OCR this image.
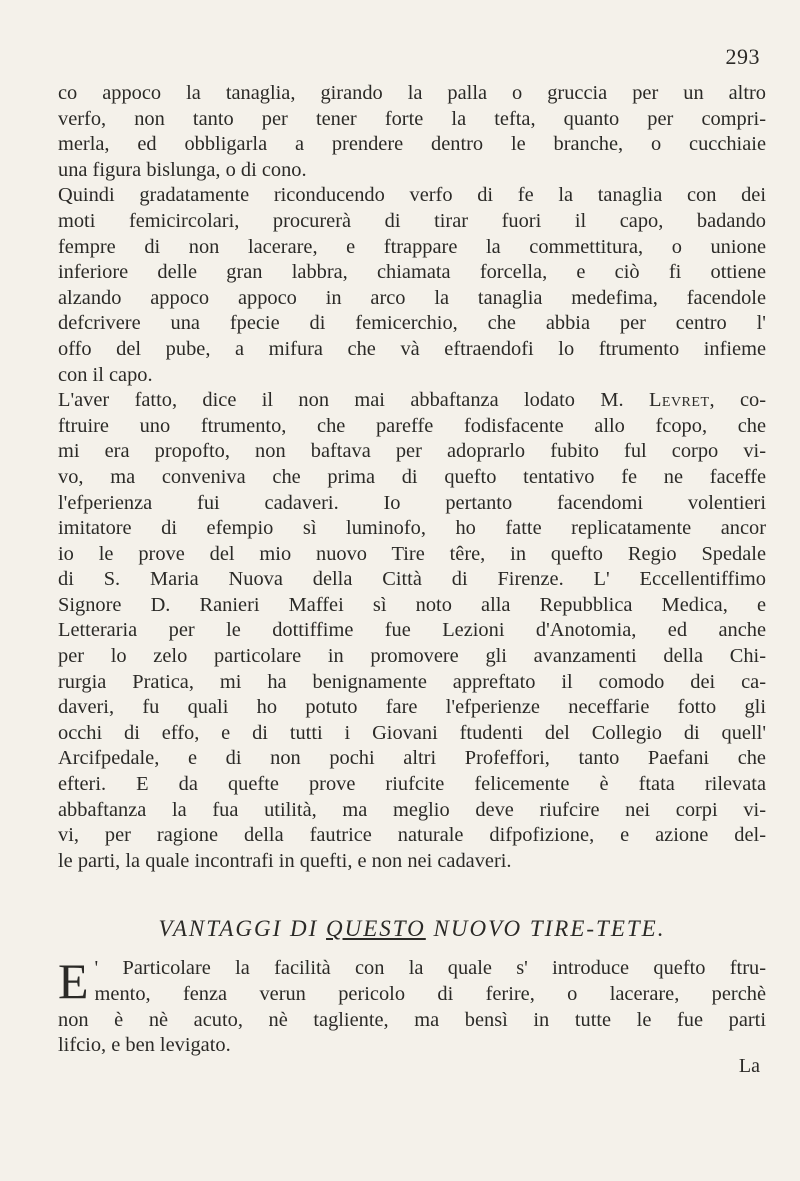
293
co appoco la tanaglia, girando la palla o gruccia per un altro
verfo, non tanto per tener forte la tefta, quanto per compri-
merla, ed obbligarla a prendere dentro le branche, o cucchiaie
una figura bislunga, o di cono.
Quindi gradatamente riconducendo verfo di fe la tanaglia con dei
moti femicircolari, procurerà di tirar fuori il capo, badando
fempre di non lacerare, e ftrappare la commettitura, o unione
inferiore delle gran labbra, chiamata forcella, e ciò fi ottiene
alzando appoco appoco in arco la tanaglia medefima, facendole
defcrivere una fpecie di femicerchio, che abbia per centro l'
offo del pube, a mifura che và eftraendofi lo ftrumento infieme
con il capo.
L'aver fatto, dice il non mai abbaftanza lodato M. Levret, co-
ftruire uno ftrumento, che pareffe fodisfacente allo fcopo, che
mi era propofto, non baftava per adoprarlo fubito ful corpo vi-
vo, ma conveniva che prima di quefto tentativo fe ne faceffe
l'efperienza fui cadaveri. Io pertanto facendomi volentieri
imitatore di efempio sì luminofo, ho fatte replicatamente ancor
io le prove del mio nuovo Tire têre, in quefto Regio Spedale
di S. Maria Nuova della Città di Firenze. L' Eccellentiffimo
Signore D. Ranieri Maffei sì noto alla Repubblica Medica, e
Letteraria per le dottiffime fue Lezioni d'Anotomia, ed anche
per lo zelo particolare in promovere gli avanzamenti della Chi-
rurgia Pratica, mi ha benignamente appreftato il comodo dei ca-
daveri, fu quali ho potuto fare l'efperienze neceffarie fotto gli
occhi di effo, e di tutti i Giovani ftudenti del Collegio di quell'
Arcifpedale, e di non pochi altri Profeffori, tanto Paefani che
efteri. E da quefte prove riufcite felicemente è ftata rilevata
abbaftanza la fua utilità, ma meglio deve riufcire nei corpi vi-
vi, per ragione della fautrice naturale difpofizione, e azione del-
le parti, la quale incontrafi in quefti, e non nei cadaveri.
VANTAGGI DI QUESTO NUOVO TIRE-TETE.
E ' Particolare la facilità con la quale s' introduce quefto ftru-
mento, fenza verun pericolo di ferire, o lacerare, perchè
non è nè acuto, nè tagliente, ma bensì in tutte le fue parti
lifcio, e ben levigato.
La
